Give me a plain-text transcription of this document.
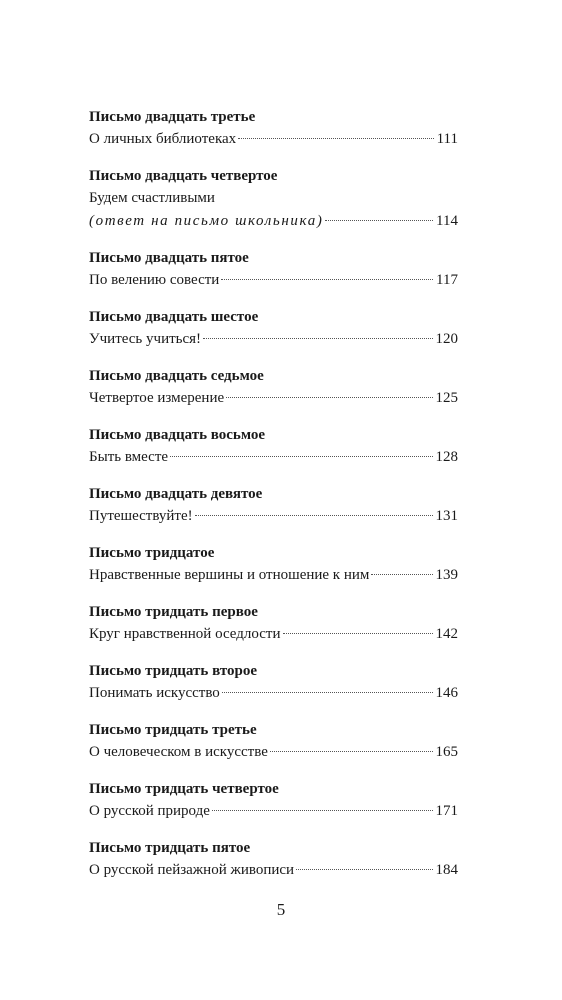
Письмо двадцать третье
О личных библиотеках	111
Письмо двадцать четвертое
Будем счастливыми
(ответ на письмо школьника)	114
Письмо двадцать пятое
По велению совести	117
Письмо двадцать шестое
Учитесь учиться!	120
Письмо двадцать седьмое
Четвертое измерение	125
Письмо двадцать восьмое
Быть вместе	128
Письмо двадцать девятое
Путешествуйте!	131
Письмо тридцатое
Нравственные вершины и отношение к ним	139
Письмо тридцать первое
Круг нравственной оседлости	142
Письмо тридцать второе
Понимать искусство	146
Письмо тридцать третье
О человеческом в искусстве	165
Письмо тридцать четвертое
О русской природе	171
Письмо тридцать пятое
О русской пейзажной живописи	184
5
